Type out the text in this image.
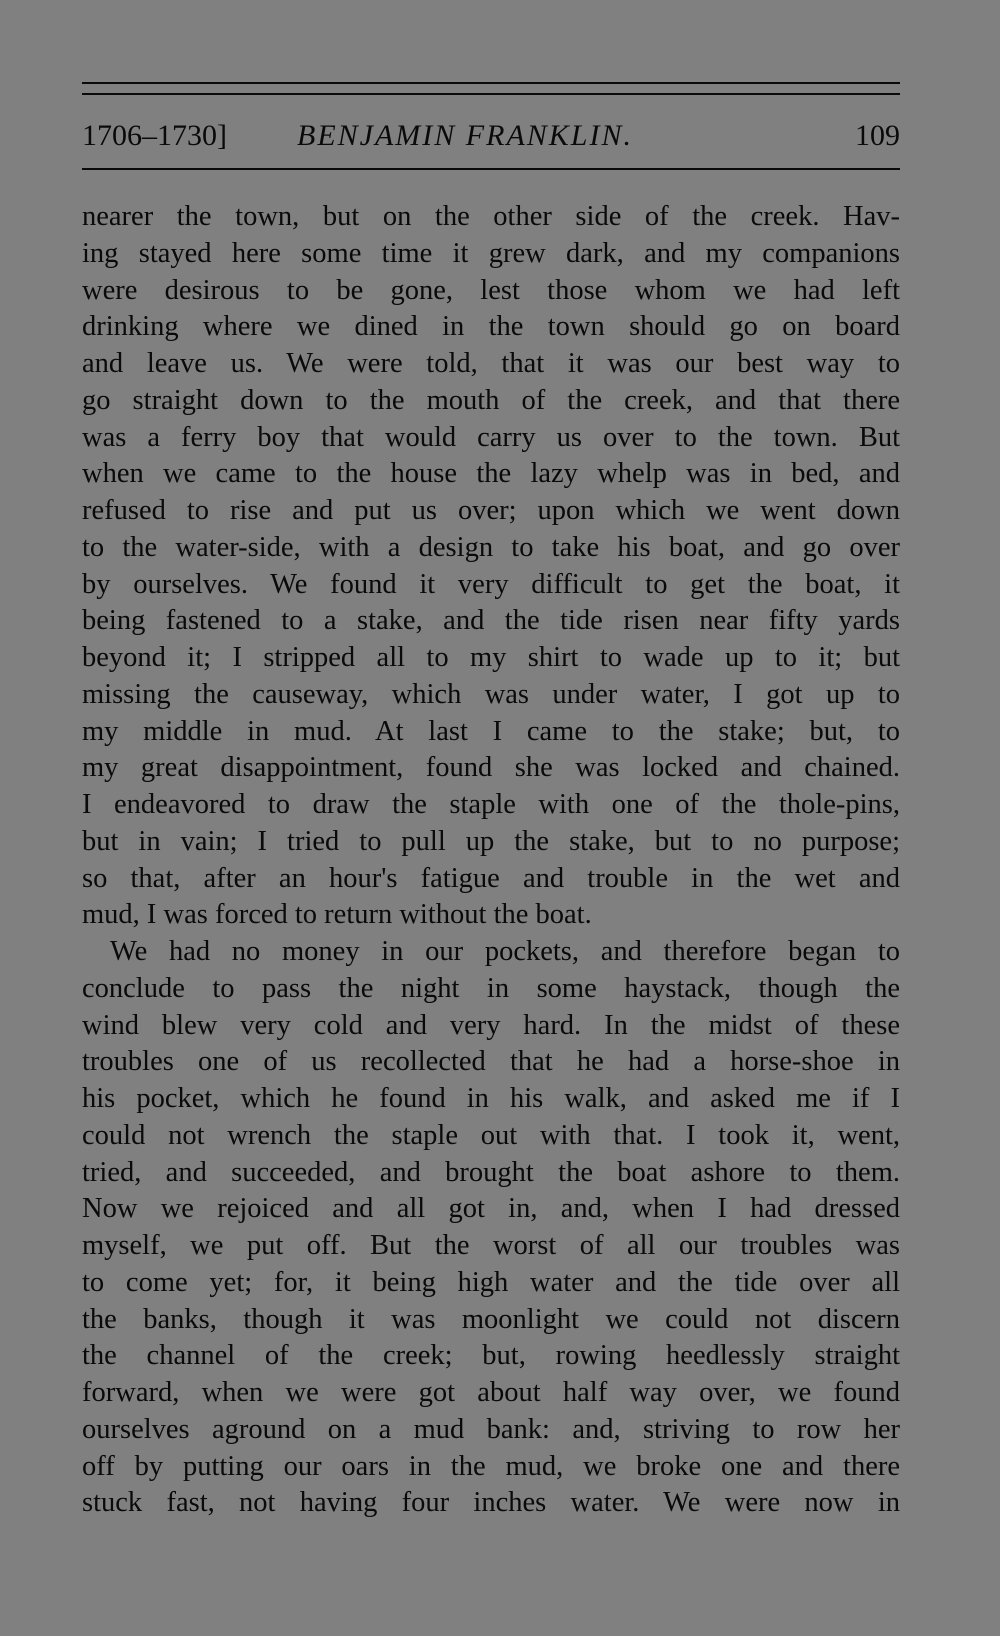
1706–1730] BENJAMIN FRANKLIN.	109
nearer the town, but on the other side of the creek. Hav-
ing stayed here some time it grew dark, and my companions
were desirous to be gone, lest those whom we had left
drinking where we dined in the town should go on board
and leave us. We were told, that it was our best way to
go straight down to the mouth of the creek, and that there
was a ferry boy that would carry us over to the town. But
when we came to the house the lazy whelp was in bed, and
refused to rise and put us over; upon which we went down
to the water-side, with a design to take his boat, and go over
by ourselves. We found it very difficult to get the boat, it
being fastened to a stake, and the tide risen near fifty yards
beyond it; I stripped all to my shirt to wade up to it; but
missing the causeway, which was under water, I got up to
my middle in mud. At last I came to the stake; but, to
my great disappointment, found she was locked and chained.
I endeavored to draw the staple with one of the thole-pins,
but in vain; I tried to pull up the stake, but to no purpose;
so that, after an hour's fatigue and trouble in the wet and
mud, I was forced to return without the boat.
We had no money in our pockets, and therefore began to
conclude to pass the night in some haystack, though the
wind blew very cold and very hard. In the midst of these
troubles one of us recollected that he had a horse-shoe in
his pocket, which he found in his walk, and asked me if I
could not wrench the staple out with that. I took it, went,
tried, and succeeded, and brought the boat ashore to them.
Now we rejoiced and all got in, and, when I had dressed
myself, we put off. But the worst of all our troubles was
to come yet; for, it being high water and the tide over all
the banks, though it was moonlight we could not discern
the channel of the creek; but, rowing heedlessly straight
forward, when we were got about half way over, we found
ourselves aground on a mud bank: and, striving to row her
off by putting our oars in the mud, we broke one and there
stuck fast, not having four inches water. We were now in
